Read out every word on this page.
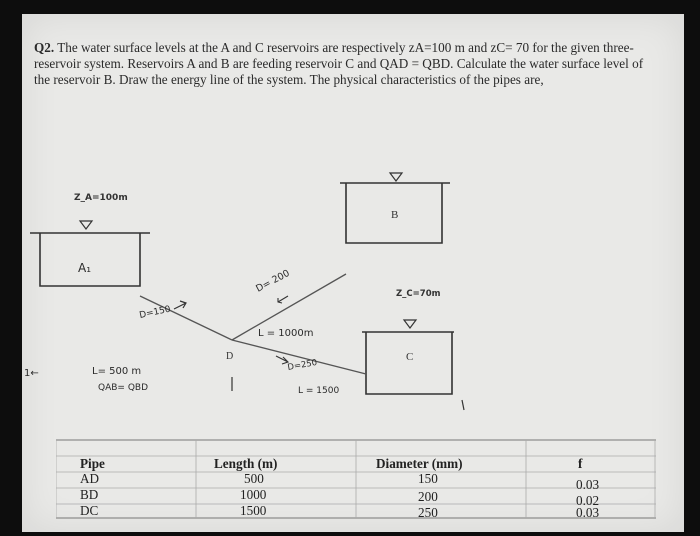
Q2. The water surface levels at the A and C reservoirs are respectively zA=100 m and zC= 70 for the given three-reservoir system. Reservoirs A and B are feeding reservoir C and QAD = QBD. Calculate the water surface level of the reservoir B. Draw the energy line of the system. The physical characteristics of the pipes are,
Z_A=100m
A₁
B
C
Z_C=70m
D
D=150
D= 200
L = 1000m
D=250
L = 1500
L= 500 m
QAB= QBD
1←
Pipe	Length (m)	Diameter (mm)	f
AD	500	150	0.03
BD	1000	200	0.02
DC	1500	250	0.03
